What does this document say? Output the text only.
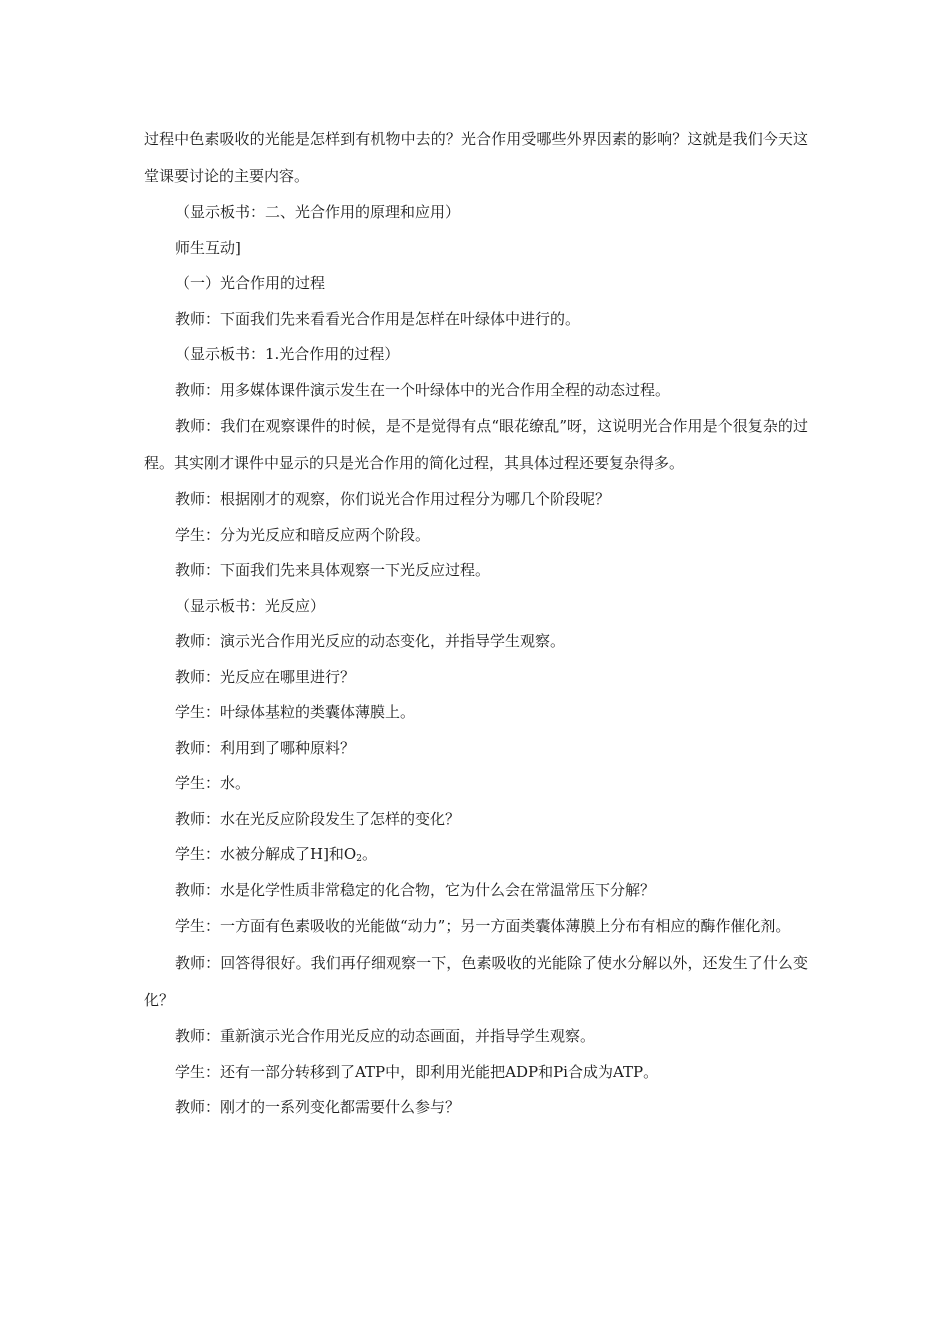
过程中色素吸收的光能是怎样到有机物中去的？光合作用受哪些外界因素的影响？这就是我们今天这堂课要讨论的主要内容。

（显示板书：二、光合作用的原理和应用）

师生互动]

（一）光合作用的过程

教师：下面我们先来看看光合作用是怎样在叶绿体中进行的。

（显示板书：1.光合作用的过程）

教师：用多媒体课件演示发生在一个叶绿体中的光合作用全程的动态过程。

教师：我们在观察课件的时候，是不是觉得有点“眼花缭乱”呀，这说明光合作用是个很复杂的过程。其实刚才课件中显示的只是光合作用的简化过程，其具体过程还要复杂得多。

教师：根据刚才的观察，你们说光合作用过程分为哪几个阶段呢？

学生：分为光反应和暗反应两个阶段。

教师：下面我们先来具体观察一下光反应过程。

（显示板书：光反应）

教师：演示光合作用光反应的动态变化，并指导学生观察。

教师：光反应在哪里进行？

学生：叶绿体基粒的类囊体薄膜上。

教师：利用到了哪种原料？

学生：水。

教师：水在光反应阶段发生了怎样的变化？

学生：水被分解成了H]和$O_2$。

教师：水是化学性质非常稳定的化合物，它为什么会在常温常压下分解？

学生：一方面有色素吸收的光能做“动力”；另一方面类囊体薄膜上分布有相应的酶作催化剂。

教师：回答得很好。我们再仔细观察一下，色素吸收的光能除了使水分解以外，还发生了什么变化？

教师：重新演示光合作用光反应的动态画面，并指导学生观察。

学生：还有一部分转移到了ATP中，即利用光能把ADP和Pi合成为ATP。

教师：刚才的一系列变化都需要什么参与？
